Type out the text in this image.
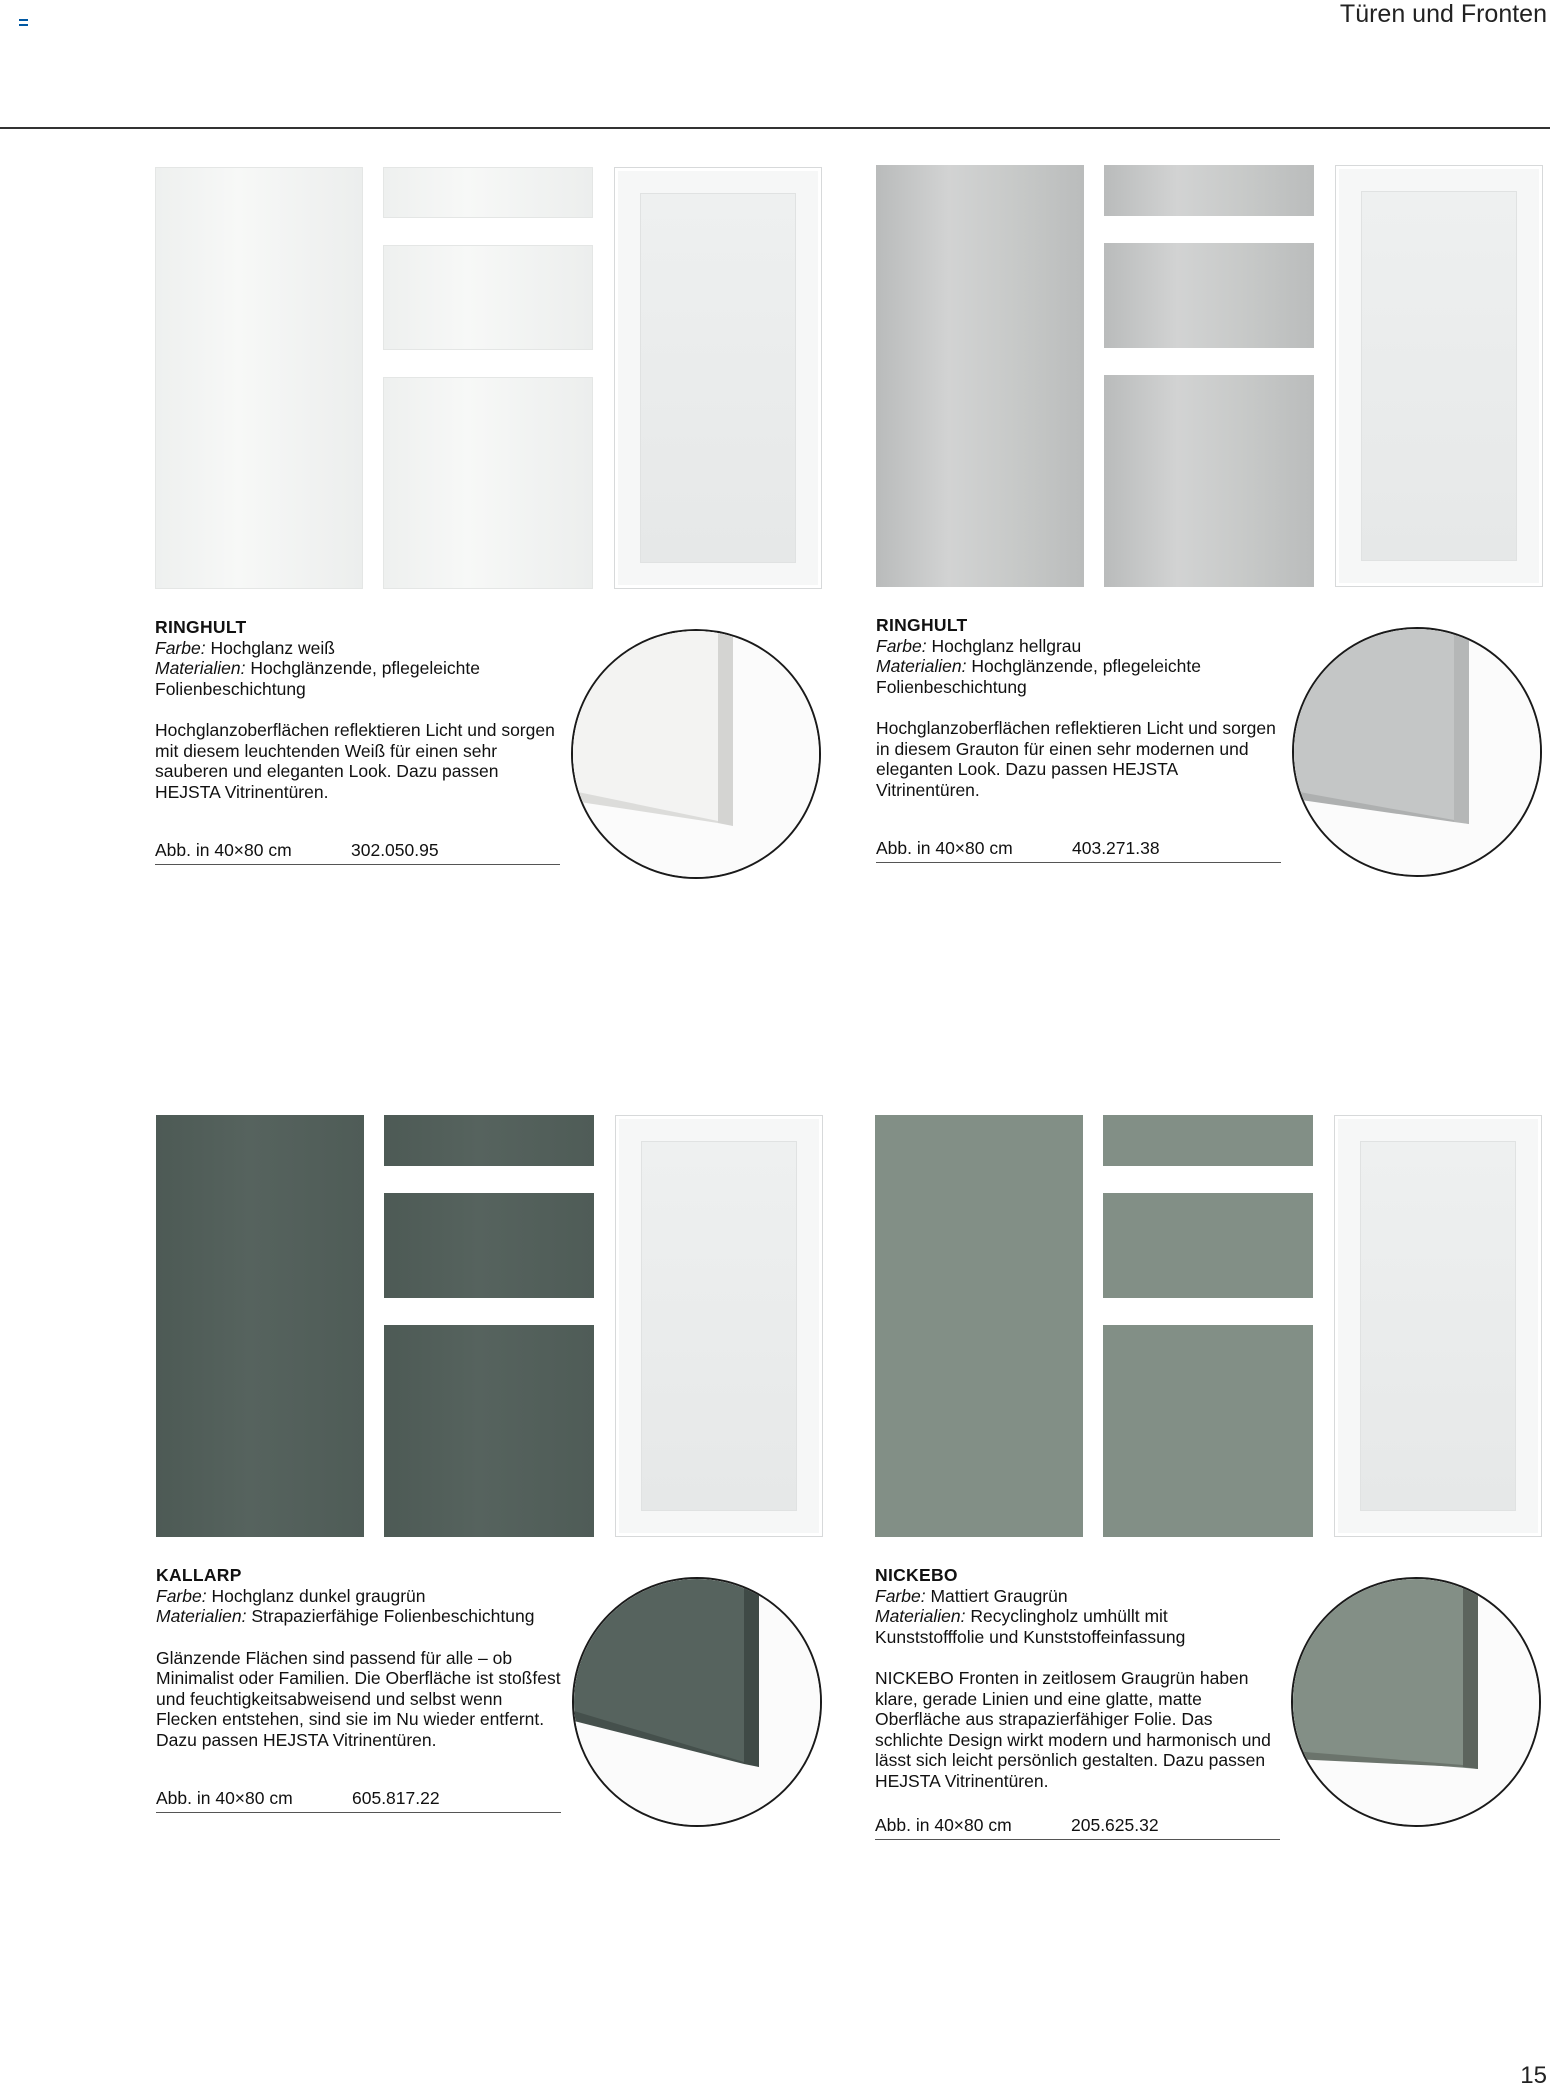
Türen und Fronten
RINGHULT
Farbe: Hochglanz weiß
Materialien: Hochglänzende, pflegeleichte Folienbeschichtung
Hochglanzoberflächen reflektieren Licht und sorgen mit diesem leuchtenden Weiß für einen sehr sauberen und eleganten Look. Dazu passen HEJSTA Vitrinentüren.
Abb. in 40×80 cm	302.050.95
RINGHULT
Farbe: Hochglanz hellgrau
Materialien: Hochglänzende, pflegeleichte Folienbeschichtung
Hochglanzoberflächen reflektieren Licht und sorgen in diesem Grauton für einen sehr modernen und eleganten Look. Dazu passen HEJSTA Vitrinentüren.
Abb. in 40×80 cm	403.271.38
KALLARP
Farbe: Hochglanz dunkel graugrün
Materialien: Strapazierfähige Folienbeschichtung
Glänzende Flächen sind passend für alle – ob Minimalist oder Familien. Die Oberfläche ist stoßfest und feuchtigkeitsabweisend und selbst wenn Flecken entstehen, sind sie im Nu wieder entfernt. Dazu passen HEJSTA Vitrinentüren.
Abb. in 40×80 cm	605.817.22
NICKEBO
Farbe: Mattiert Graugrün
Materialien: Recyclingholz umhüllt mit Kunststofffolie und Kunststoffeinfassung
NICKEBO Fronten in zeitlosem Graugrün haben klare, gerade Linien und eine glatte, matte Oberfläche aus strapazierfähiger Folie. Das schlichte Design wirkt modern und harmonisch und lässt sich leicht persönlich gestalten. Dazu passen HEJSTA Vitrinentüren.
Abb. in 40×80 cm	205.625.32
15
